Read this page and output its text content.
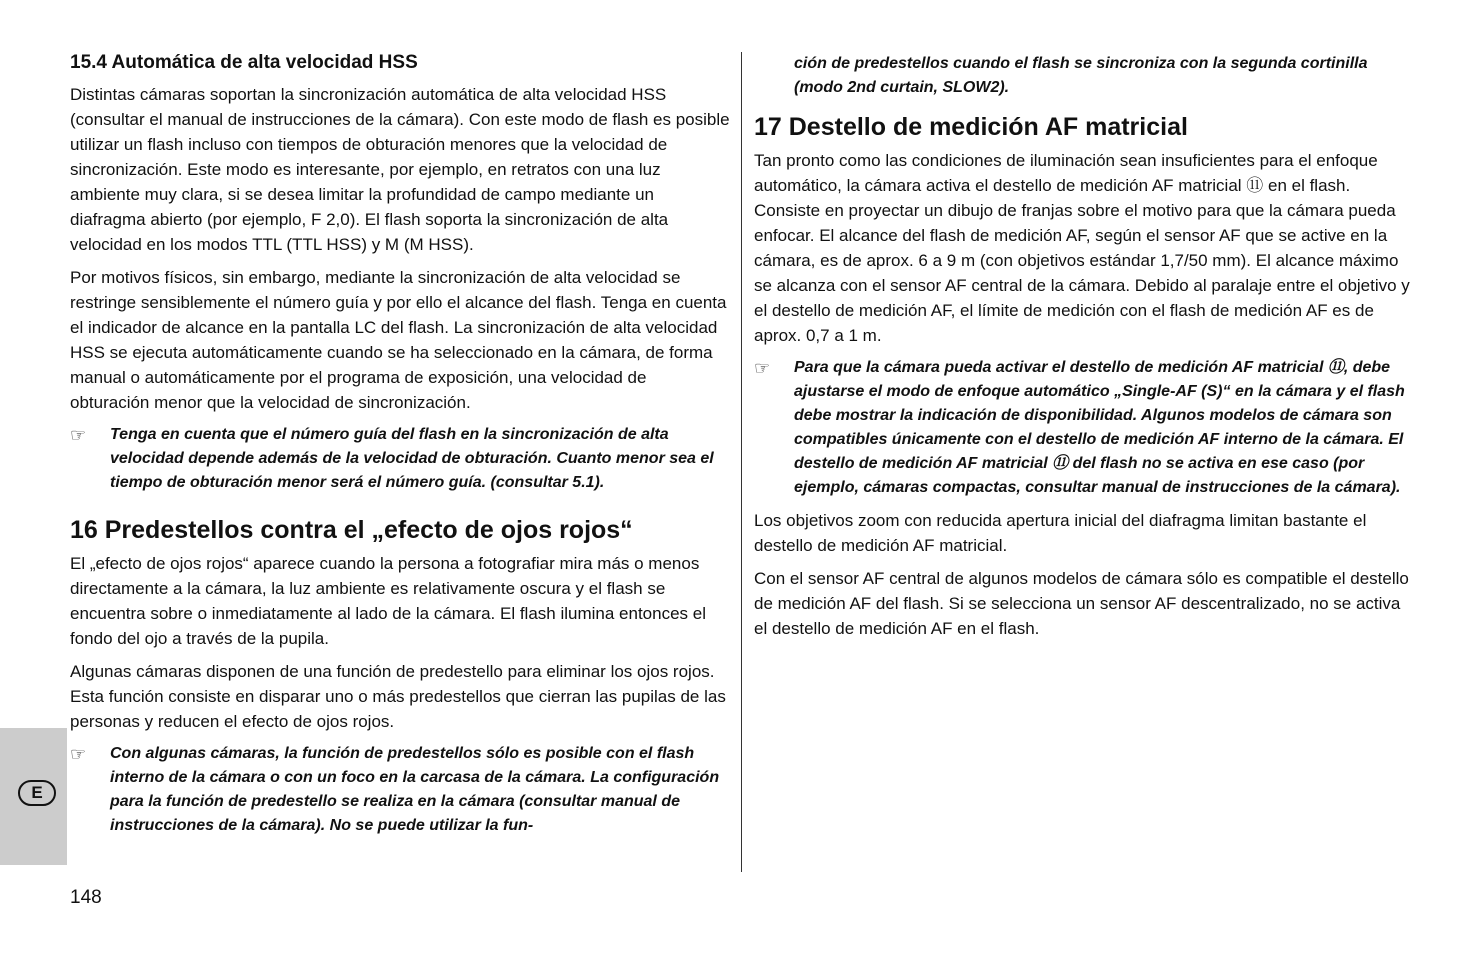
15.4 Automática de alta velocidad HSS

Distintas cámaras soportan la sincronización automática de alta velocidad HSS (consultar el manual de instrucciones de la cámara). Con este modo de flash es posible utilizar un flash incluso con tiempos de obturación menores que la velocidad de sincronización. Este modo es interesante, por ejemplo, en retratos con una luz ambiente muy clara, si se desea limitar la profundidad de campo mediante un diafragma abierto (por ejemplo, F 2,0). El flash soporta la sincronización de alta velocidad en los modos TTL (TTL HSS) y M (M HSS).

Por motivos físicos, sin embargo, mediante la sincronización de alta velocidad se restringe sensiblemente el número guía y por ello el alcance del flash. Tenga en cuenta el indicador de alcance en la pantalla LC del flash. La sincronización de alta velocidad HSS se ejecuta automáticamente cuando se ha seleccionado en la cámara, de forma manual o automáticamente por el programa de exposición, una velocidad de obturación menor que la velocidad de sincronización.

☞	Tenga en cuenta que el número guía del flash en la sincronización de alta velocidad depende además de la velocidad de obturación. Cuanto menor sea el tiempo de obturación menor será el número guía. (consultar 5.1).
16 Predestellos contra el „efecto de ojos rojos“

El „efecto de ojos rojos“ aparece cuando la persona a fotografiar mira más o menos directamente a la cámara, la luz ambiente es relativamente oscura y el flash se encuentra sobre o inmediatamente al lado de la cámara. El flash ilumina entonces el fondo del ojo a través de la pupila.

Algunas cámaras disponen de una función de predestello para eliminar los ojos rojos. Esta función consiste en disparar uno o más predestellos que cierran las pupilas de las personas y reducen el efecto de ojos rojos.

☞	Con algunas cámaras, la función de predestellos sólo es posible con el flash interno de la cámara o con un foco en la carcasa de la cámara. La configuración para la función de predestello se realiza en la cámara (consultar manual de instrucciones de la cámara). No se puede utilizar la fun-
ción de predestellos cuando el flash se sincroniza con la segunda cortinilla (modo 2nd curtain, SLOW2).
17 Destello de medición AF matricial

Tan pronto como las condiciones de iluminación sean insuficientes para el enfoque automático, la cámara activa el destello de medición AF matricial ⑪ en el flash. Consiste en proyectar un dibujo de franjas sobre el motivo para que la cámara pueda enfocar. El alcance del flash de medición AF, según el sensor AF que se active en la cámara, es de aprox. 6 a 9 m (con objetivos estándar 1,7/50 mm). El alcance máximo se alcanza con el sensor AF central de la cámara. Debido al paralaje entre el objetivo y el destello de medición AF, el límite de medición con el flash de medición AF es de aprox. 0,7 a 1 m.

☞	Para que la cámara pueda activar el destello de medición AF matricial ⑪, debe ajustarse el modo de enfoque automático „Single-AF (S)“ en la cámara y el flash debe mostrar la indicación de disponibilidad. Algunos modelos de cámara son compatibles únicamente con el destello de medición AF interno de la cámara. El destello de medición AF matricial ⑪ del flash no se activa en ese caso (por ejemplo, cámaras compactas, consultar manual de instrucciones de la cámara).

Los objetivos zoom con reducida apertura inicial del diafragma limitan bastante el destello de medición AF matricial.

Con el sensor AF central de algunos modelos de cámara sólo es compatible el destello de medición AF del flash. Si se selecciona un sensor AF descentralizado, no se activa el destello de medición AF en el flash.

E
148
